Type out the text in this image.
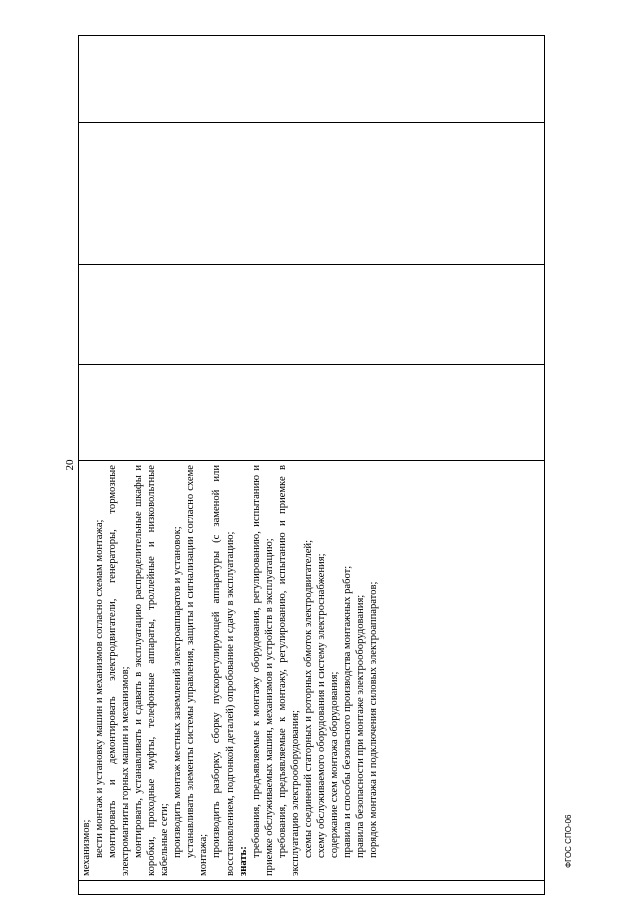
ФГОС СПО-06
20

механизмов; вести монтаж и установку машин и механизмов согласно схемам монтажа; монтировать и демонтировать электродвигатели, генераторы, тормозные электромагниты горных машин и механизмов; монтировать, устанавливать и сдавать в эксплуатацию распределительные шкафы и коробки, проходные муфты, телефонные аппараты, троллейные и низковольтные кабельные сети; производить монтаж местных заземлений электроаппаратов и установок; устанавливать элементы системы управления, защиты и сигнализации согласно схеме монтажа; производить разборку, сборку пускорегулирующей аппаратуры (с заменой или восстановлением, подгонкой деталей) опробование и сдачу в эксплуатацию; знать:

требования, предъявляемые к монтажу оборудования, регулированию, испытанию и приемке обслуживаемых машин, механизмов и устройств в эксплуатацию; требования, предъявляемые к монтажу, регулированию, испытанию и приемке в эксплуатацию электрооборудования; схемы соединений статорных и роторных обмоток электродвигателей; схему обслуживаемого оборудования и систему электроснабжения; содержание схем монтажа оборудования; правила и способы безопасного производства монтажных работ; правила безопасности при монтаже электрооборудования; порядок монтажа и подключения силовых электроаппаратов;
